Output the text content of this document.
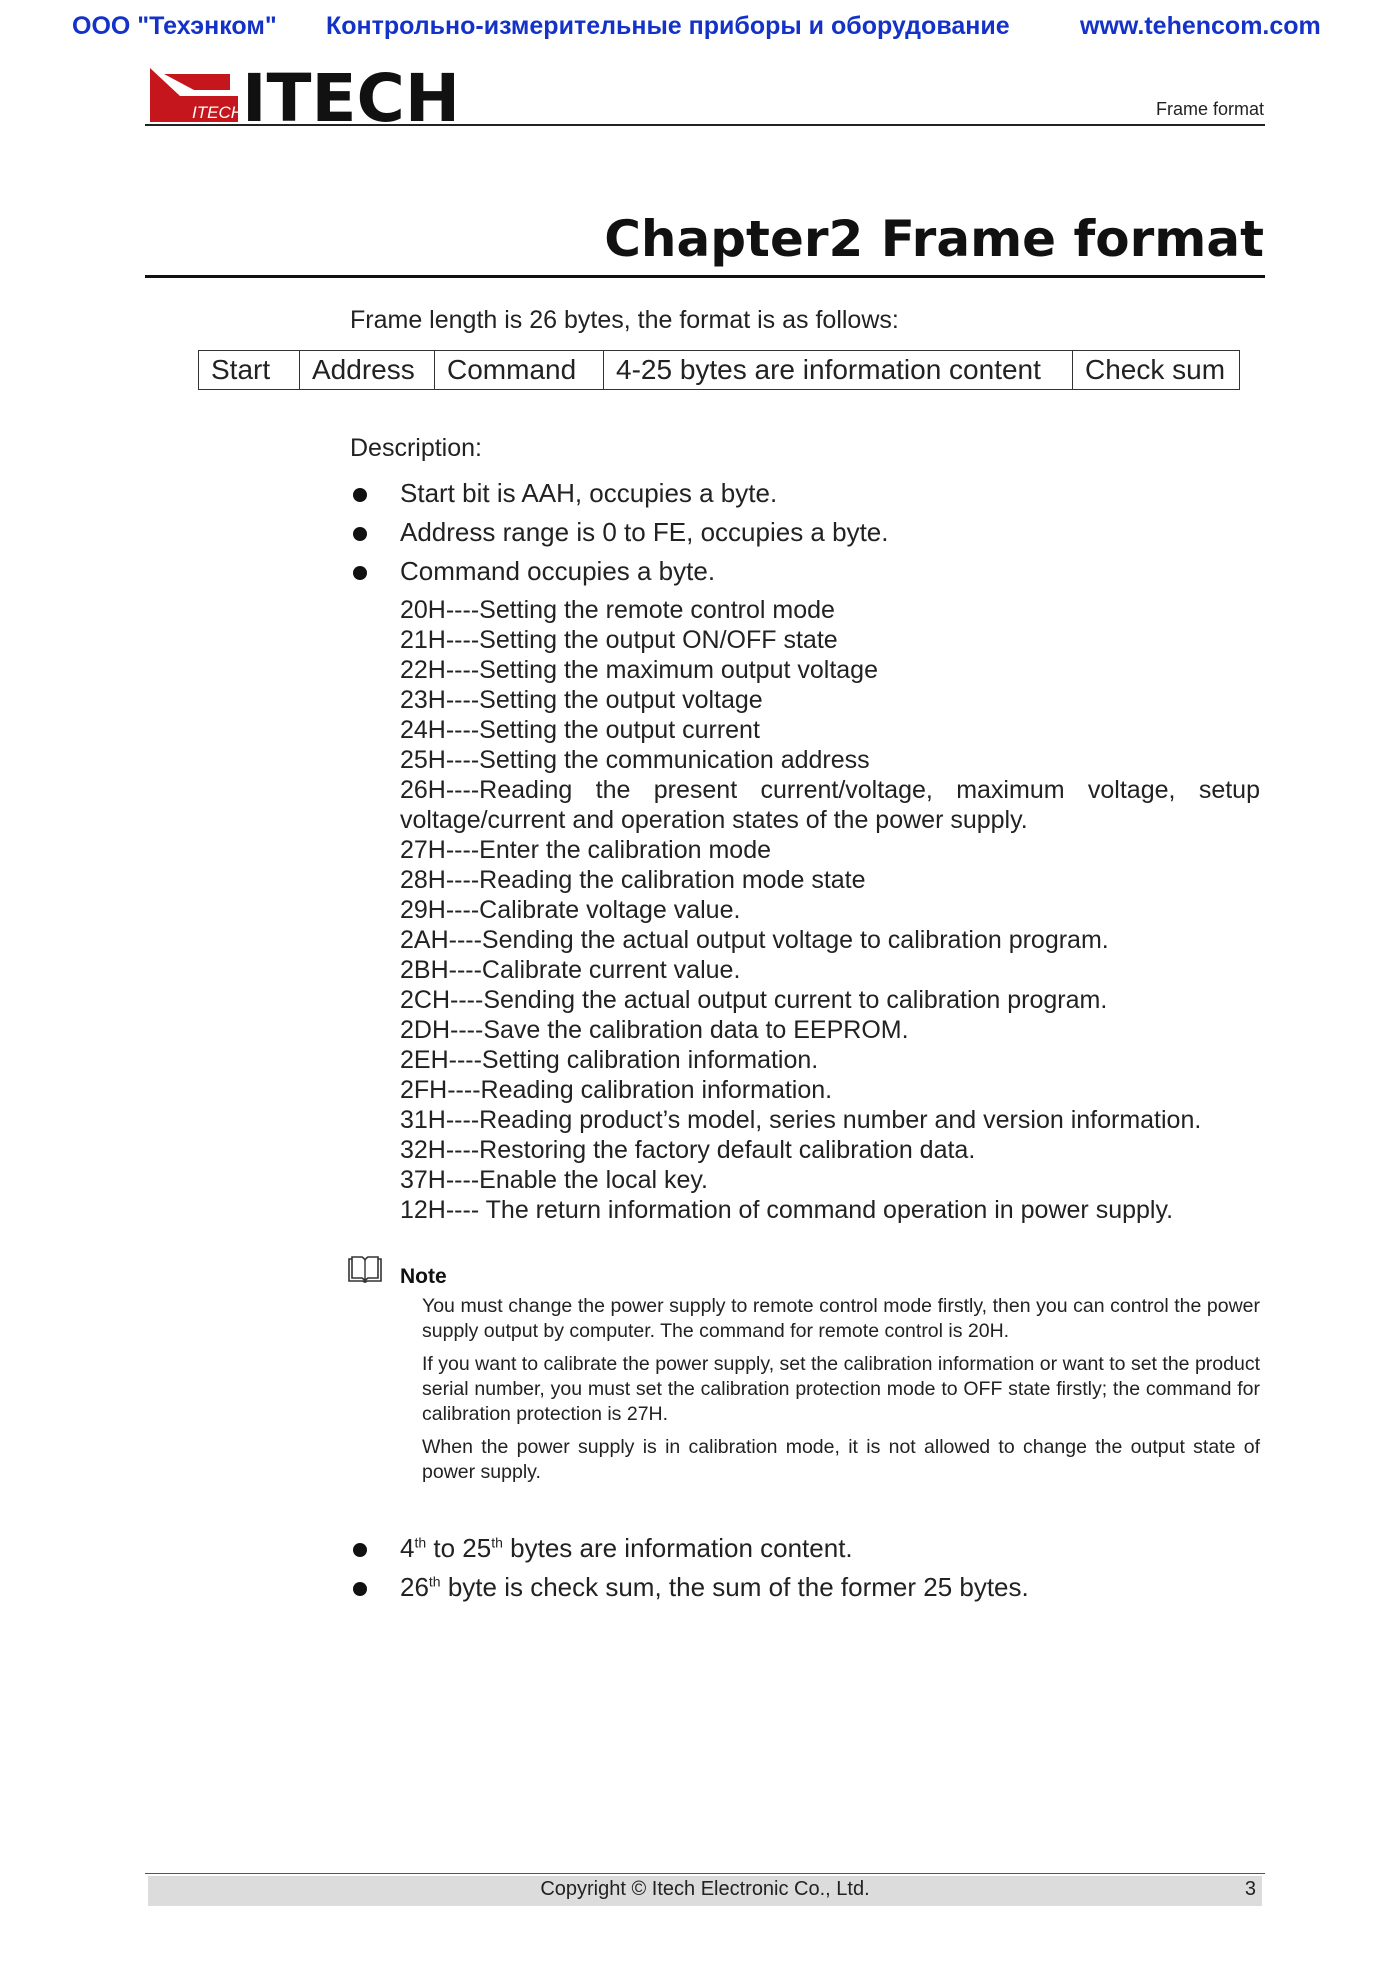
ООО "Техэнком" Контрольно-измерительные приборы и оборудование	www.tehencom.com
ITECH ITECH	Frame format
Chapter2 Frame format
Frame length is 26 bytes, the format is as follows:
Start	Address	Command	4-25 bytes are information content	Check sum
Description:
Start bit is AAH, occupies a byte.
Address range is 0 to FE, occupies a byte.
Command occupies a byte.
20H----Setting the remote control mode
21H----Setting the output ON/OFF state
22H----Setting the maximum output voltage
23H----Setting the output voltage
24H----Setting the output current
25H----Setting the communication address
26H----Reading the present current/voltage, maximum voltage, setup voltage/current and operation states of the power supply.
27H----Enter the calibration mode
28H----Reading the calibration mode state
29H----Calibrate voltage value.
2AH----Sending the actual output voltage to calibration program.
2BH----Calibrate current value.
2CH----Sending the actual output current to calibration program.
2DH----Save the calibration data to EEPROM.
2EH----Setting calibration information.
2FH----Reading calibration information.
31H----Reading product’s model, series number and version information.
32H----Restoring the factory default calibration data.
37H----Enable the local key.
12H---- The return information of command operation in power supply.
Note

You must change the power supply to remote control mode firstly, then you can control the power supply output by computer. The command for remote control is 20H.

If you want to calibrate the power supply, set the calibration information or want to set the product serial number, you must set the calibration protection mode to OFF state firstly; the command for calibration protection is 27H.

When the power supply is in calibration mode, it is not allowed to change the output state of power supply.

4th to 25th bytes are information content.
26th byte is check sum, the sum of the former 25 bytes.
Copyright © Itech Electronic Co., Ltd.	3
